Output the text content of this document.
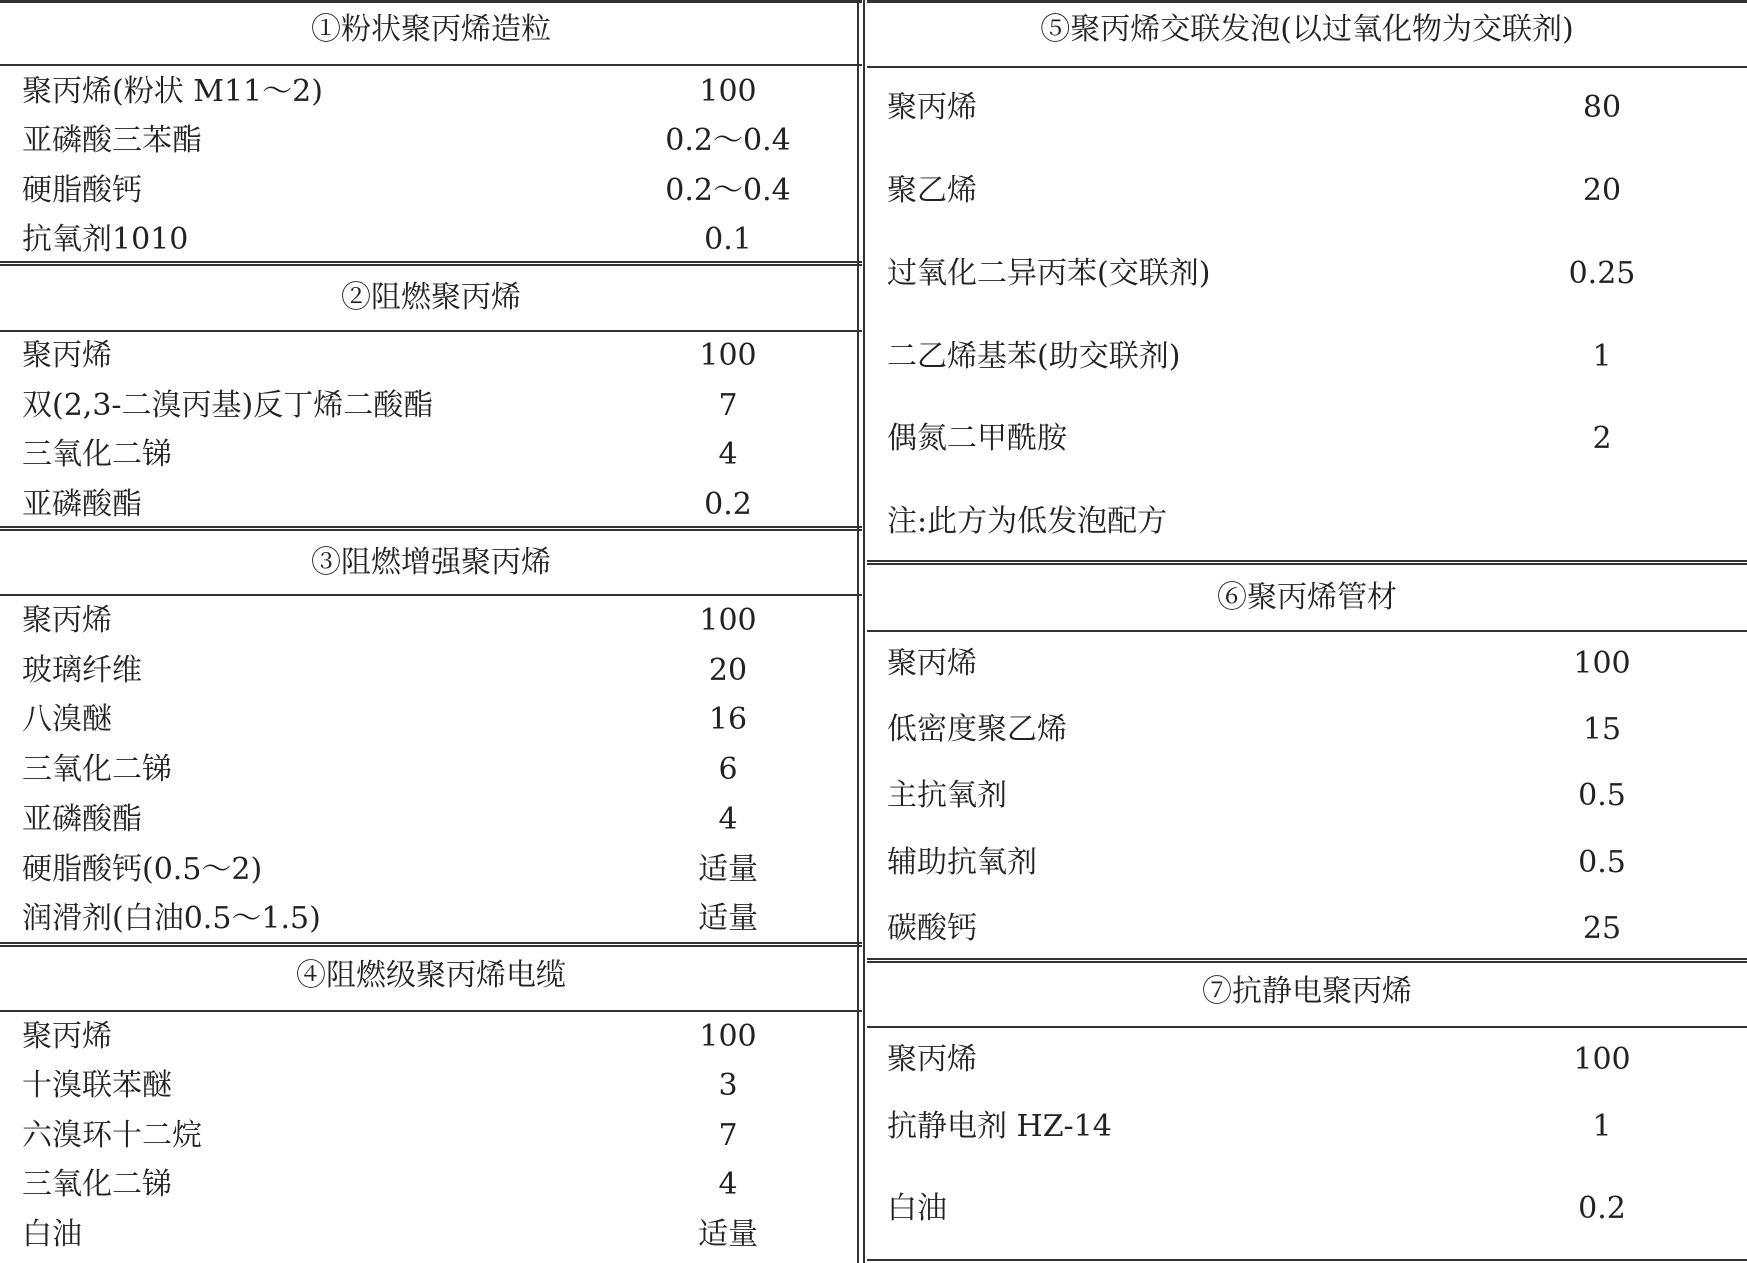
①粉状聚丙烯造粒
聚丙烯(粉状 M11～2)	100
亚磷酸三苯酯	0.2～0.4
硬脂酸钙	0.2～0.4
抗氧剂1010	0.1
②阻燃聚丙烯
聚丙烯	100
双(2,3-二溴丙基)反丁烯二酸酯	7
三氧化二锑	4
亚磷酸酯	0.2
③阻燃增强聚丙烯
聚丙烯	100
玻璃纤维	20
八溴醚	16
三氧化二锑	6
亚磷酸酯	4
硬脂酸钙(0.5～2)	适量
润滑剂(白油0.5～1.5)	适量
④阻燃级聚丙烯电缆
聚丙烯	100
十溴联苯醚	3
六溴环十二烷	7
三氧化二锑	4
白油	适量
⑤聚丙烯交联发泡(以过氧化物为交联剂)
聚丙烯	80
聚乙烯	20
过氧化二异丙苯(交联剂)	0.25
二乙烯基苯(助交联剂)	1
偶氮二甲酰胺	2
注:此方为低发泡配方
⑥聚丙烯管材
聚丙烯	100
低密度聚乙烯	15
主抗氧剂	0.5
辅助抗氧剂	0.5
碳酸钙	25
⑦抗静电聚丙烯
聚丙烯	100
抗静电剂 HZ-14	1
白油	0.2
